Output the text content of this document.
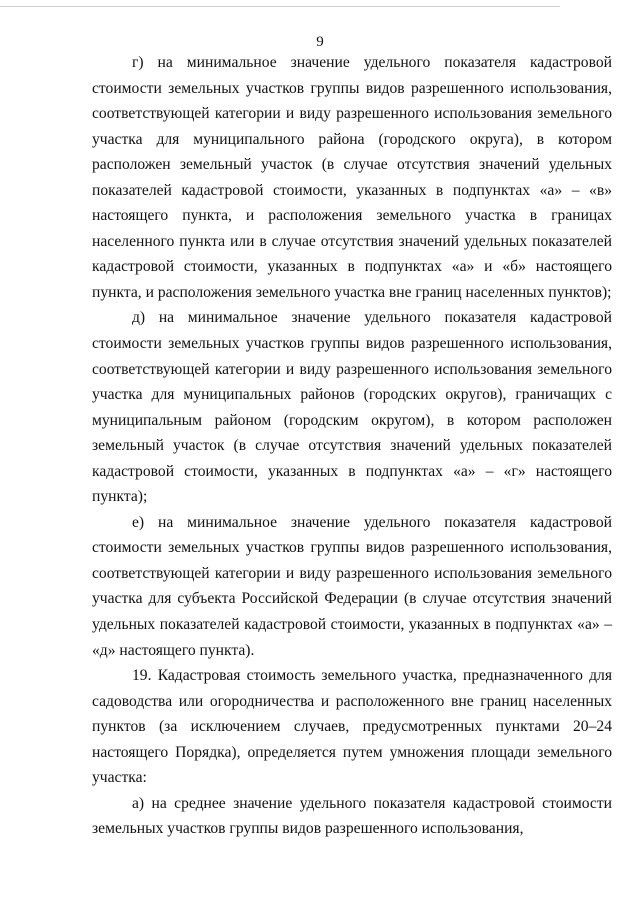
9

г) на минимальное значение удельного показателя кадастровой стоимости земельных участков группы видов разрешенного использования, соответствующей категории и виду разрешенного использования земельного участка для муниципального района (городского округа), в котором расположен земельный участок (в случае отсутствия значений удельных показателей кадастровой стоимости, указанных в подпунктах «а» – «в» настоящего пункта, и расположения земельного участка в границах населенного пункта или в случае отсутствия значений удельных показателей кадастровой стоимости, указанных в подпунктах «а» и «б» настоящего пункта, и расположения земельного участка вне границ населенных пунктов);

д) на минимальное значение удельного показателя кадастровой стоимости земельных участков группы видов разрешенного использования, соответствующей категории и виду разрешенного использования земельного участка для муниципальных районов (городских округов), граничащих с муниципальным районом (городским округом), в котором расположен земельный участок (в случае отсутствия значений удельных показателей кадастровой стоимости, указанных в подпунктах «а» – «г» настоящего пункта);

е) на минимальное значение удельного показателя кадастровой стоимости земельных участков группы видов разрешенного использования, соответствующей категории и виду разрешенного использования земельного участка для субъекта Российской Федерации (в случае отсутствия значений удельных показателей кадастровой стоимости, указанных в подпунктах «а» – «д» настоящего пункта).

19. Кадастровая стоимость земельного участка, предназначенного для садоводства или огородничества и расположенного вне границ населенных пунктов (за исключением случаев, предусмотренных пунктами 20–24 настоящего Порядка), определяется путем умножения площади земельного участка:

а) на среднее значение удельного показателя кадастровой стоимости земельных участков группы видов разрешенного использования,
